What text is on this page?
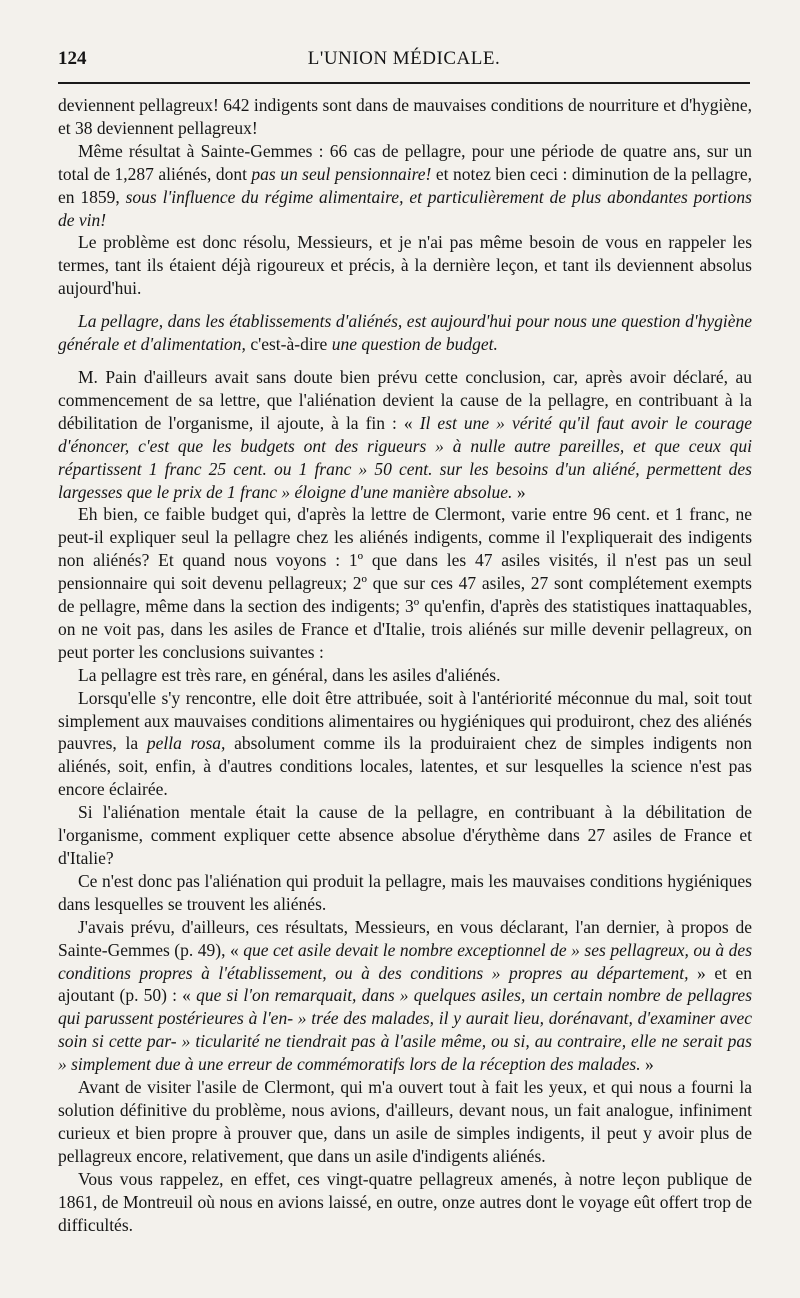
124	L'UNION MÉDICALE.

deviennent pellagreux! 642 indigents sont dans de mauvaises conditions de nourriture et d'hygiène, et 38 deviennent pellagreux!

Même résultat à Sainte-Gemmes : 66 cas de pellagre, pour une période de quatre ans, sur un total de 1,287 aliénés, dont pas un seul pensionnaire! et notez bien ceci : diminution de la pellagre, en 1859, sous l'influence du régime alimentaire, et particulièrement de plus abondantes portions de vin!

Le problème est donc résolu, Messieurs, et je n'ai pas même besoin de vous en rappeler les termes, tant ils étaient déjà rigoureux et précis, à la dernière leçon, et tant ils deviennent absolus aujourd'hui.

La pellagre, dans les établissements d'aliénés, est aujourd'hui pour nous une question d'hygiène générale et d'alimentation, c'est-à-dire une question de budget.

M. Pain d'ailleurs avait sans doute bien prévu cette conclusion, car, après avoir déclaré, au commencement de sa lettre, que l'aliénation devient la cause de la pellagre, en contribuant à la débilitation de l'organisme, il ajoute, à la fin : « Il est une » vérité qu'il faut avoir le courage d'énoncer, c'est que les budgets ont des rigueurs » à nulle autre pareilles, et que ceux qui répartissent 1 franc 25 cent. ou 1 franc » 50 cent. sur les besoins d'un aliéné, permettent des largesses que le prix de 1 franc » éloigne d'une manière absolue. »

Eh bien, ce faible budget qui, d'après la lettre de Clermont, varie entre 96 cent. et 1 franc, ne peut-il expliquer seul la pellagre chez les aliénés indigents, comme il l'expliquerait des indigents non aliénés? Et quand nous voyons : 1º que dans les 47 asiles visités, il n'est pas un seul pensionnaire qui soit devenu pellagreux; 2º que sur ces 47 asiles, 27 sont complétement exempts de pellagre, même dans la section des indigents; 3º qu'enfin, d'après des statistiques inattaquables, on ne voit pas, dans les asiles de France et d'Italie, trois aliénés sur mille devenir pellagreux, on peut porter les conclusions suivantes :

La pellagre est très rare, en général, dans les asiles d'aliénés.

Lorsqu'elle s'y rencontre, elle doit être attribuée, soit à l'antériorité méconnue du mal, soit tout simplement aux mauvaises conditions alimentaires ou hygiéniques qui produiront, chez des aliénés pauvres, la pella rosa, absolument comme ils la produiraient chez de simples indigents non aliénés, soit, enfin, à d'autres conditions locales, latentes, et sur lesquelles la science n'est pas encore éclairée.

Si l'aliénation mentale était la cause de la pellagre, en contribuant à la débilitation de l'organisme, comment expliquer cette absence absolue d'érythème dans 27 asiles de France et d'Italie?

Ce n'est donc pas l'aliénation qui produit la pellagre, mais les mauvaises conditions hygiéniques dans lesquelles se trouvent les aliénés.

J'avais prévu, d'ailleurs, ces résultats, Messieurs, en vous déclarant, l'an dernier, à propos de Sainte-Gemmes (p. 49), « que cet asile devait le nombre exceptionnel de » ses pellagreux, ou à des conditions propres à l'établissement, ou à des conditions » propres au département, » et en ajoutant (p. 50) : « que si l'on remarquait, dans » quelques asiles, un certain nombre de pellagres qui parussent postérieures à l'en- » trée des malades, il y aurait lieu, dorénavant, d'examiner avec soin si cette par- » ticularité ne tiendrait pas à l'asile même, ou si, au contraire, elle ne serait pas » simplement due à une erreur de commémoratifs lors de la réception des malades. »

Avant de visiter l'asile de Clermont, qui m'a ouvert tout à fait les yeux, et qui nous a fourni la solution définitive du problème, nous avions, d'ailleurs, devant nous, un fait analogue, infiniment curieux et bien propre à prouver que, dans un asile de simples indigents, il peut y avoir plus de pellagreux encore, relativement, que dans un asile d'indigents aliénés.

Vous vous rappelez, en effet, ces vingt-quatre pellagreux amenés, à notre leçon publique de 1861, de Montreuil où nous en avions laissé, en outre, onze autres dont le voyage eût offert trop de difficultés.
